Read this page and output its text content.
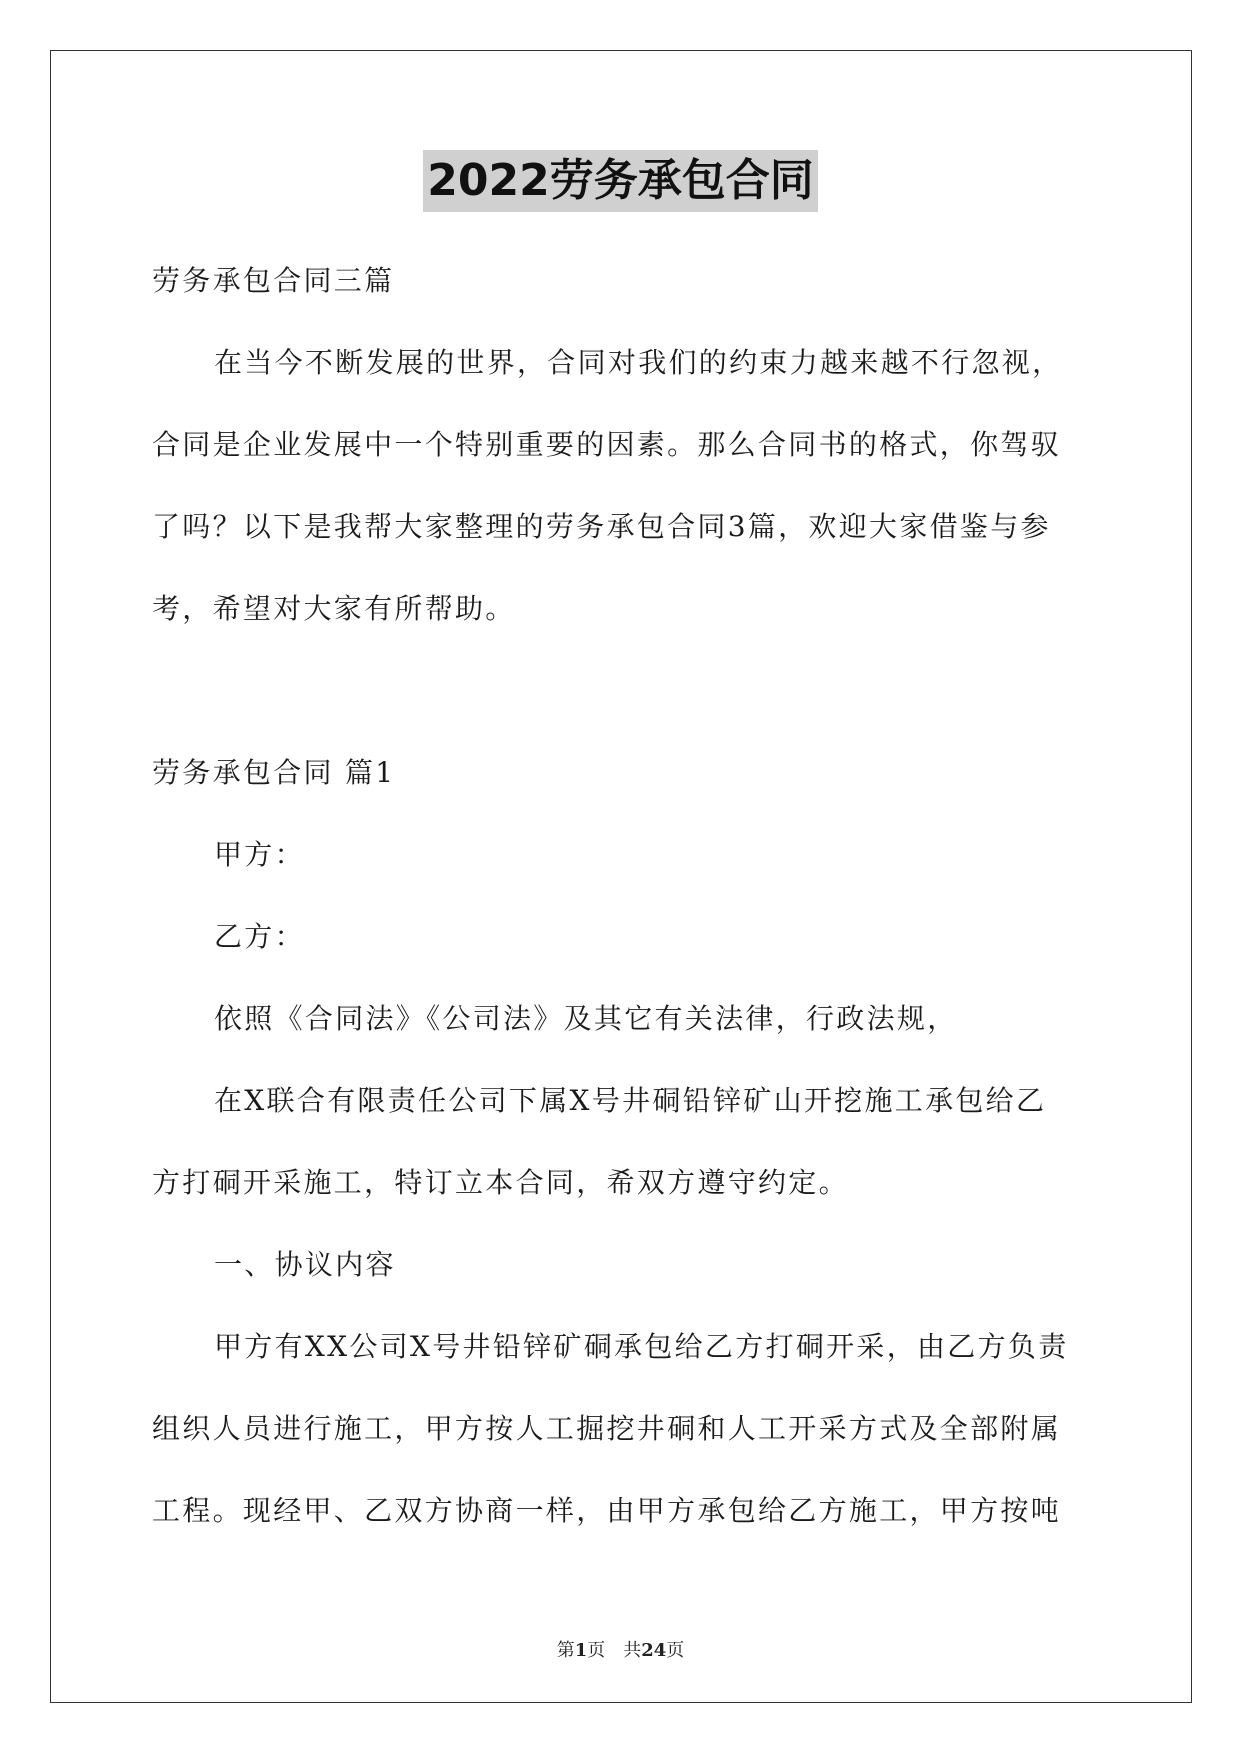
2022劳务承包合同
劳务承包合同三篇
在当今不断发展的世界，合同对我们的约束力越来越不行忽视，
合同是企业发展中一个特别重要的因素。那么合同书的格式，你驾驭
了吗？以下是我帮大家整理的劳务承包合同3篇，欢迎大家借鉴与参
考，希望对大家有所帮助。
劳务承包合同 篇1
甲方：
乙方：
依照《合同法》《公司法》及其它有关法律，行政法规，
在X联合有限责任公司下属X号井硐铅锌矿山开挖施工承包给乙
方打硐开采施工，特订立本合同，希双方遵守约定。
一、协议内容
甲方有XX公司X号井铅锌矿硐承包给乙方打硐开采，由乙方负责
组织人员进行施工，甲方按人工掘挖井硐和人工开采方式及全部附属
工程。现经甲、乙双方协商一样，由甲方承包给乙方施工，甲方按吨
第1页　共24页
